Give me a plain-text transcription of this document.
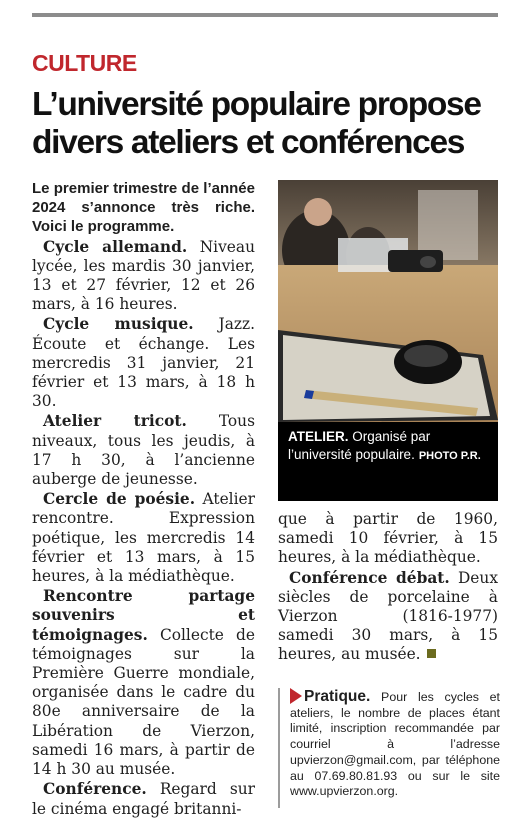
CULTURE
L’université populaire propose divers ateliers et conférences
Le premier trimestre de l’année 2024 s’annonce très riche. Voici le programme.
Cycle allemand. Niveau lycée, les mardis 30 janvier, 13 et 27 février, 12 et 26 mars, à 16 heures.
Cycle musique. Jazz. Écoute et échange. Les mercredis 31 janvier, 21 février et 13 mars, à 18 h 30.
Atelier tricot. Tous niveaux, tous les jeudis, à 17 h 30, à l’ancienne auberge de jeunesse.
Cercle de poésie. Atelier rencontre. Expression poétique, les mercredis 14 février et 13 mars, à 15 heures, à la médiathèque.
Rencontre partage souvenirs et témoignages. Collecte de témoignages sur la Première Guerre mondiale, organisée dans le cadre du 80e anniversaire de la Libération de Vierzon, samedi 16 mars, à partir de 14 h 30 au musée.
Conférence. Regard sur le cinéma engagé britanni-
ATELIER. Organisé par l’université populaire. PHOTO P.R.
que à partir de 1960, samedi 10 février, à 15 heures, à la médiathèque.
Conférence débat. Deux siècles de porcelaine à Vierzon (1816-1977) samedi 30 mars, à 15 heures, au musée.
Pratique. Pour les cycles et ateliers, le nombre de places étant limité, inscription recommandée par courriel à l’adresse upvierzon@gmail.com, par téléphone au 07.69.80.81.93 ou sur le site www.upvierzon.org.
